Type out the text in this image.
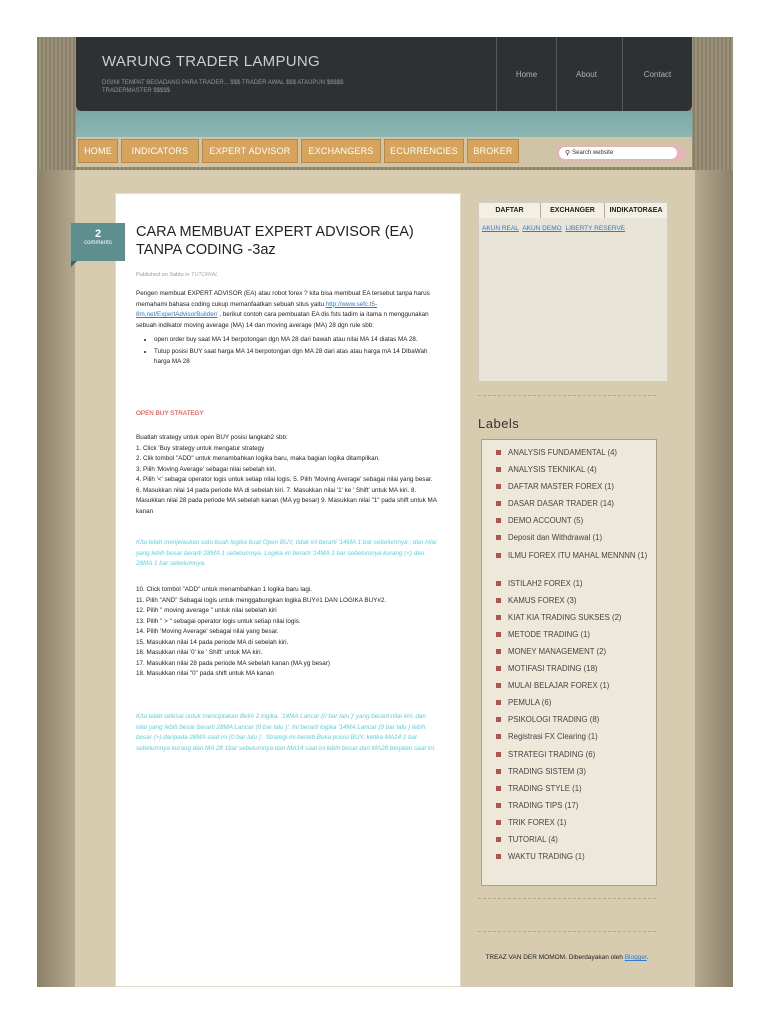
WARUNG TRADER LAMPUNG
DISINI TEMPAT BEGADANG PARA TRADER... $$$ TRADER AWAL $$$ ATAUPUN $$$$$ TRADERMASTER $$$$$
Home	About	Contact
HOME	INDICATORS	EXPERT ADVISOR	EXCHANGERS	ECURRENCIES	BROKER	⚲ Search website
2
comments
CARA MEMBUAT EXPERT ADVISOR (EA) TANPA CODING -3az
Published on Sabtu in TUTORIAL
Pengen membuat EXPERT ADVISOR (EA) atau robot forex ? kita bisa membuat EA tersebut tanpa harus memahami bahasa coding cukup memanfaatkan sebuah situs yaitu http://www.sefc.t5-8m.net/ExpertAdvisorBuilder/ , berikut contoh cara pembuatan EA dis fsts tadim ia itama n menggunakan sebuah indikator moving average (MA) 14 dan moving average (MA) 28 dgn rule sbb:
• open order buy saat MA 14 berpotongan dgn MA 28 dari bawah atau nilai MA 14 diatas MA 28.
• Tutup posisi BUY saat harga MA 14 berpotongan dgn MA 28 dari atas atau harga mA 14 DIbaWah harga MA 28
OPEN BUY STRATEGY
Buatlah strategy untuk open BUY posisi langkah2 sbb:
1. Click 'Buy strategy untuk mengatur strategy
2. Clik tombol "ADD" untuk menambahkan logika baru, maka bagian logika ditampilkan.
3. Pilih 'Moving Average' sebagai nilai sebelah kiri.
4. Pilih '<' sebagai operator logis untuk setiap nilai logis. 5. Pilih 'Moving Average' sebagai nilai yang besar. 6. Masukkan nilai 14 pada periode MA di sebelah kiri. 7. Masukkan nilai '1' ke ' Shift' untuk MA kiri. 8. Masukkan nilai 28 pada periode MA sebelah kanan (MA yg besar) 9. Masukkan nilai "1" pada shift untuk MA kanan
Kita telah menjelaskan satu buah logika buat Open BUY, tidak ini berarti '14MA 1 bar sebelumnya ; dan nilai yang lebih besar berarti 28MA 1 sebelumnya. Logika ini berarti '14MA 1 bar sebelumnya kurang (<) dari 28MA 1 bar sebelumnya.
10. Click tombol "ADD" untuk menambahkan 1 logika baru lagi.
11. Pilih "AND" Sebagai logis untuk menggabungkan logika BUY#1 DAN LOGIKA BUY#2.
12. Pilih " moving average " untuk nilai sebelah kiri
13. Pilih " > " sebagai operator logis untuk setiap nilai logis.
14. Pilih 'Moving Average' sebagai nilai yang besar.
15. Masukkan nilai 14 pada periode MA di sebelah kiri.
16. Masukkan nilai '0' ke ' Shift' untuk MA kiri.
17. Masukkan nilai 28 pada periode MA sebelah kanan (MA yg besar)
18. Masukkan nilai "0" pada shift untuk MA kanan
Kita telah selesai untuk menciptakan Beli# 2 logika. '14MA Lancar (0 bar lalu )' yang berarti nilai kiri, dan nilai yang lebih besar berarti 28MA Lancar (0 bar lalu )'. Ini berarti logika '14MA Lancar (0 bar lalu ) lebih besar (>) daripada 28MA saat ini (0 bar lalu )'. Strategi ini berarti Buka posisi BUY, ketika MA14 1 bar sebelumnya kurang dari MA 28 1bar sebelumnya dan MA14 saat ini lebih besar dari MA28 berjalan saat ini.
DAFTAR	EXCHANGER	INDIKATOR&EA
AKUN REAL AKUN DEMO LIBERTY RESERVE
Labels
ANALYSIS FUNDAMENTAL (4)
ANALYSIS TEKNIKAL (4)
DAFTAR MASTER FOREX (1)
DASAR DASAR TRADER (14)
DEMO ACCOUNT (5)
Deposit dan Withdrawal (1)
ILMU FOREX ITU MAHAL MENNNN (1)
ISTILAH2 FOREX (1)
KAMUS FOREX (3)
KIAT KIA TRADING SUKSES (2)
METODE TRADING (1)
MONEY MANAGEMENT (2)
MOTIFASI TRADING (18)
MULAI BELAJAR FOREX (1)
PEMULA (6)
PSIKOLOGI TRADING (8)
Registrasi FX Clearing (1)
STRATEGI TRADING (6)
TRADING SISTEM (3)
TRADING STYLE (1)
TRADING TIPS (17)
TRIK FOREX (1)
TUTORIAL (4)
WAKTU TRADING (1)
TREAZ VAN DER MOMOM. Diberdayakan oleh Blogger.
